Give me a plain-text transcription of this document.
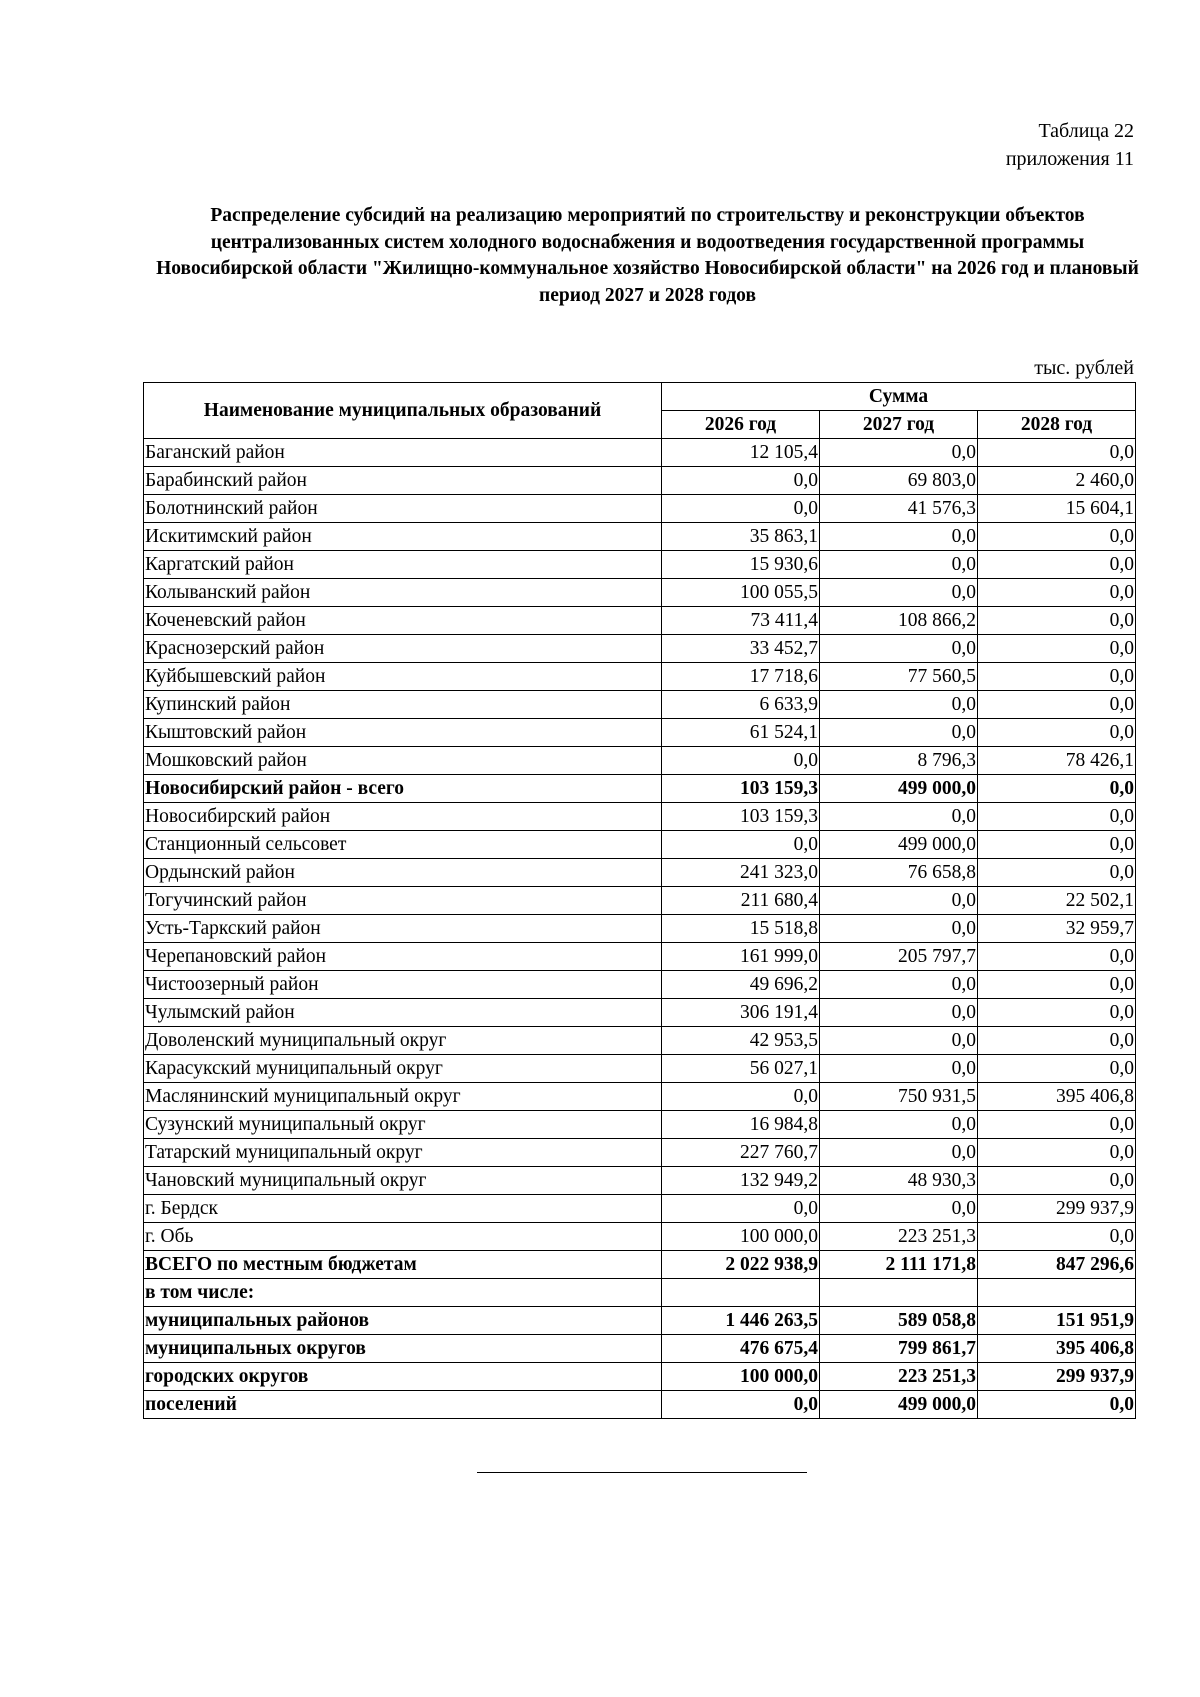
Таблица 22
приложения 11
Распределение субсидий на реализацию мероприятий по строительству и реконструкции объектов централизованных систем холодного водоснабжения и водоотведения государственной программы Новосибирской области "Жилищно-коммунальное хозяйство Новосибирской области" на 2026 год и плановый период 2027 и 2028 годов
тыс. рублей
Наименование муниципальных образований	Сумма		
	2026 год	2027 год	2028 год
Баганский район	12 105,4	0,0	0,0
Барабинский район	0,0	69 803,0	2 460,0
Болотнинский район	0,0	41 576,3	15 604,1
Искитимский район	35 863,1	0,0	0,0
Каргатский район	15 930,6	0,0	0,0
Колыванский район	100 055,5	0,0	0,0
Коченевский район	73 411,4	108 866,2	0,0
Краснозерский район	33 452,7	0,0	0,0
Куйбышевский район	17 718,6	77 560,5	0,0
Купинский район	6 633,9	0,0	0,0
Кыштовский район	61 524,1	0,0	0,0
Мошковский район	0,0	8 796,3	78 426,1
Новосибирский район - всего	103 159,3	499 000,0	0,0
Новосибирский район	103 159,3	0,0	0,0
Станционный сельсовет	0,0	499 000,0	0,0
Ордынский район	241 323,0	76 658,8	0,0
Тогучинский район	211 680,4	0,0	22 502,1
Усть-Таркский район	15 518,8	0,0	32 959,7
Черепановский район	161 999,0	205 797,7	0,0
Чистоозерный район	49 696,2	0,0	0,0
Чулымский район	306 191,4	0,0	0,0
Доволенский муниципальный округ	42 953,5	0,0	0,0
Карасукский муниципальный округ	56 027,1	0,0	0,0
Маслянинский муниципальный округ	0,0	750 931,5	395 406,8
Сузунский муниципальный округ	16 984,8	0,0	0,0
Татарский муниципальный округ	227 760,7	0,0	0,0
Чановский муниципальный округ	132 949,2	48 930,3	0,0
г. Бердск	0,0	0,0	299 937,9
г. Обь	100 000,0	223 251,3	0,0
ВСЕГО по местным бюджетам	2 022 938,9	2 111 171,8	847 296,6
в том числе:			
муниципальных районов	1 446 263,5	589 058,8	151 951,9
муниципальных округов	476 675,4	799 861,7	395 406,8
городских округов	100 000,0	223 251,3	299 937,9
поселений	0,0	499 000,0	0,0
